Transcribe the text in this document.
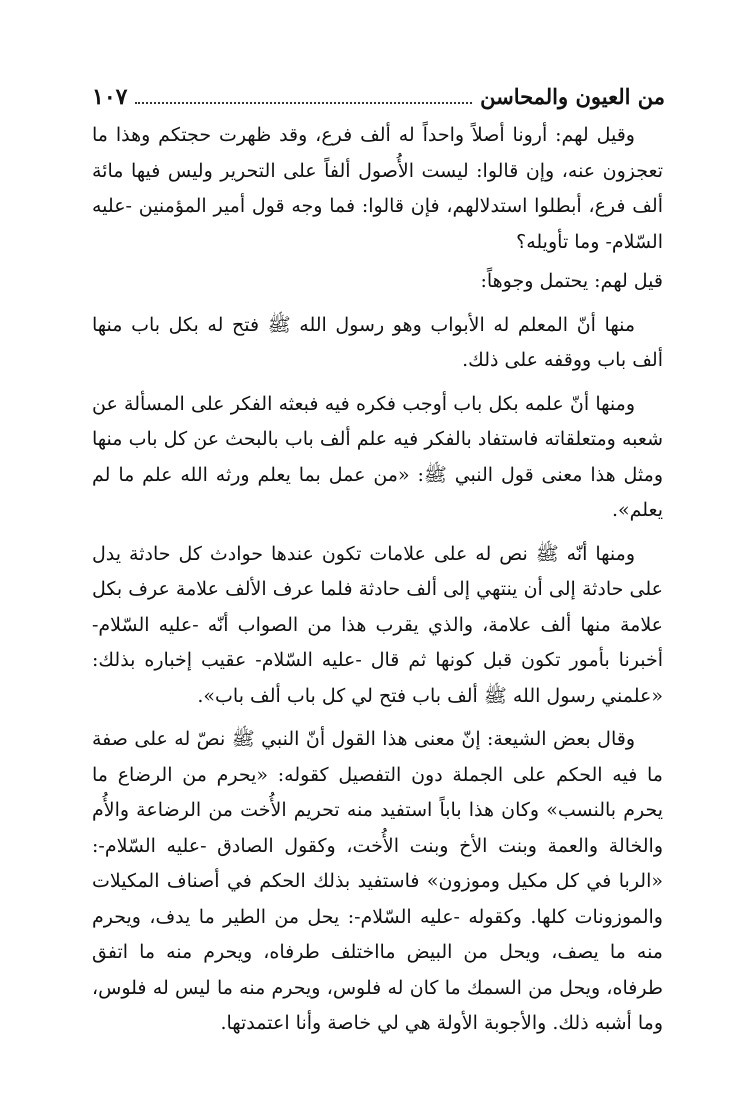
من العيون والمحاسن
١٠٧

وقيل لهم: أرونا أصلاً واحداً له ألف فرع، وقد ظهرت حجتكم وهذا ما تعجزون عنه، وإن قالوا: ليست الأُصول ألفاً على التحرير وليس فيها مائة ألف فرع، أبطلوا استدلالهم، فإن قالوا: فما وجه قول أمير المؤمنين -عليه السّلام- وما تأويله؟

قيل لهم: يحتمل وجوهاً:

منها أنّ المعلم له الأبواب وهو رسول الله ﷺ فتح له بكل باب منها ألف باب ووقفه على ذلك.

ومنها أنّ علمه بكل باب أوجب فكره فيه فبعثه الفكر على المسألة عن شعبه ومتعلقاته فاستفاد بالفكر فيه علم ألف باب بالبحث عن كل باب منها ومثل هذا معنى قول النبي ﷺ: «من عمل بما يعلم ورثه الله علم ما لم يعلم».

ومنها أنّه ﷺ نص له على علامات تكون عندها حوادث كل حادثة يدل على حادثة إلى أن ينتهي إلى ألف حادثة فلما عرف الألف علامة عرف بكل علامة منها ألف علامة، والذي يقرب هذا من الصواب أنّه -عليه السّلام- أخبرنا بأمور تكون قبل كونها ثم قال -عليه السّلام- عقيب إخباره بذلك: «علمني رسول الله ﷺ ألف باب فتح لي كل باب ألف باب».

وقال بعض الشيعة: إنّ معنى هذا القول أنّ النبي ﷺ نصّ له على صفة ما فيه الحكم على الجملة دون التفصيل كقوله: «يحرم من الرضاع ما يحرم بالنسب» وكان هذا باباً استفيد منه تحريم الأُخت من الرضاعة والأُم والخالة والعمة وبنت الأخ وبنت الأُخت، وكقول الصادق -عليه السّلام-: «الربا في كل مكيل وموزون» فاستفيد بذلك الحكم في أصناف المكيلات والموزونات كلها. وكقوله -عليه السّلام-: يحل من الطير ما يدف، ويحرم منه ما يصف، ويحل من البيض مااختلف طرفاه، ويحرم منه ما اتفق طرفاه، ويحل من السمك ما كان له فلوس، ويحرم منه ما ليس له فلوس، وما أشبه ذلك. والأجوبة الأولة هي لي خاصة وأنا اعتمدتها.
